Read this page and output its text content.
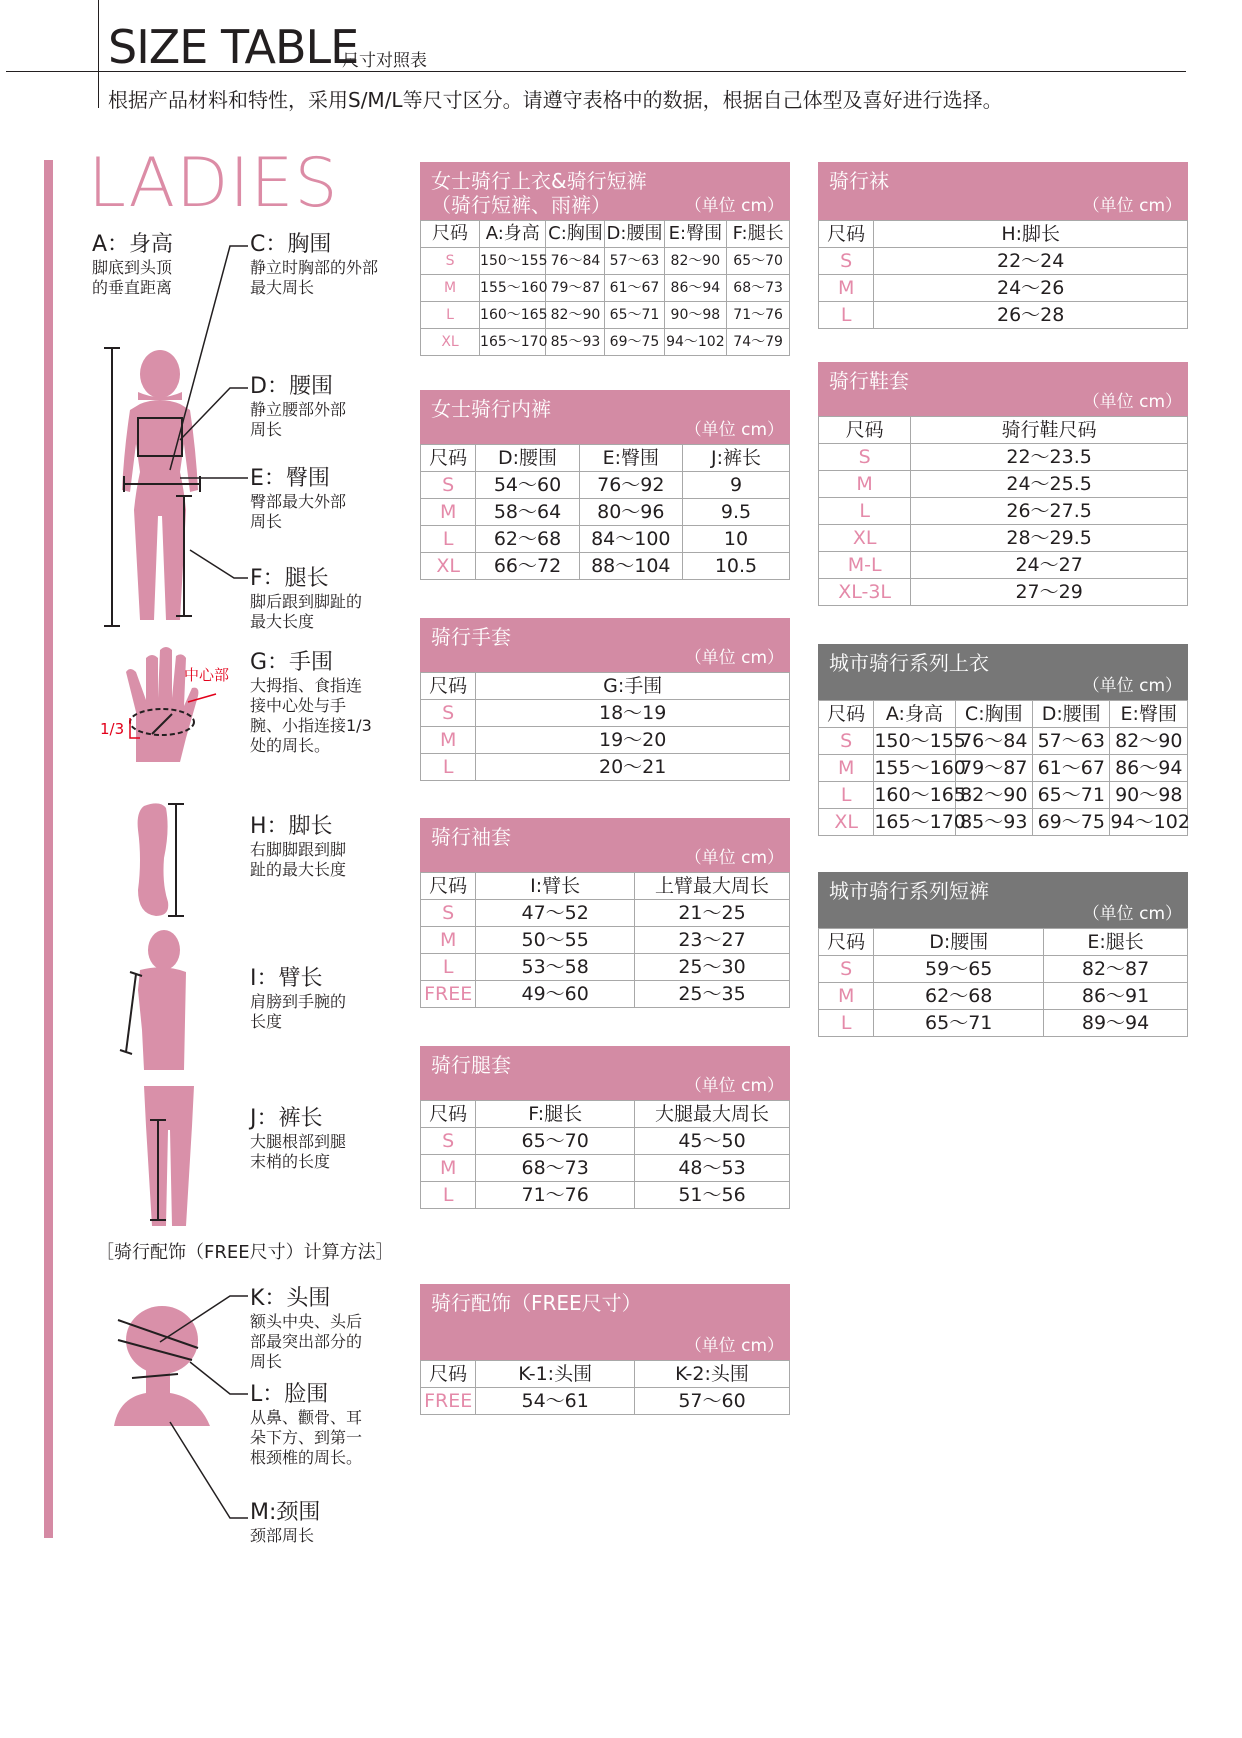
SIZE TABLE
尺寸对照表
根据产品材料和特性，采用S/M/L等尺寸区分。请遵守表格中的数据，根据自己体型及喜好进行选择。
LADIES
A：身高
脚底到头顶的垂直距离
C：胸围
静立时胸部的外部最大周长
D：腰围
静立腰部外部周长
E：臀围
臀部最大外部周长
F：腿长
脚后跟到脚趾的最大长度
G：手围
大拇指、食指连接中心处与手腕、小指连接1/3处的周长。
H：脚长
右脚脚跟到脚趾的最大长度
I：臂长
肩膀到手腕的长度
J：裤长
大腿根部到腿末梢的长度
［骑行配饰（FREE尺寸）计算方法］
K：头围
额头中央、头后部最突出部分的周长
L：脸围
从鼻、颧骨、耳朵下方、到第一根颈椎的周长。
M:颈围
颈部周长
中心部
1/3
女士骑行上衣&骑行短裤
（骑行短裤、雨裤）	（单位 cm）
尺码	A:身高	C:胸围	D:腰围	E:臀围	F:腿长
S	150～155	76～84	57～63	82～90	65～70
M	155～160	79～87	61～67	86～94	68～73
L	160～165	82～90	65～71	90～98	71～76
XL	165～170	85～93	69～75	94～102	74～79
女士骑行内裤
（单位 cm）
尺码	D:腰围	E:臀围	J:裤长
S	54～60	76～92	9
M	58～64	80～96	9.5
L	62～68	84～100	10
XL	66～72	88～104	10.5
骑行手套
（单位 cm）
尺码	G:手围
S	18～19
M	19～20
L	20～21
骑行袖套
（单位 cm）
尺码	I:臂长	上臂最大周长
S	47～52	21～25
M	50～55	23～27
L	53～58	25～30
FREE	49～60	25～35
骑行腿套
（单位 cm）
尺码	F:腿长	大腿最大周长
S	65～70	45～50
M	68～73	48～53
L	71～76	51～56
骑行配饰（FREE尺寸）
（单位 cm）
尺码	K-1:头围	K-2:头围
FREE	54～61	57～60
骑行袜
（单位 cm）
尺码	H:脚长
S	22～24
M	24～26
L	26～28
骑行鞋套
（单位 cm）
尺码	骑行鞋尺码
S	22～23.5
M	24～25.5
L	26～27.5
XL	28～29.5
M-L	24～27
XL-3L	27～29
城市骑行系列上衣
（单位 cm）
尺码	A:身高	C:胸围	D:腰围	E:臀围
S	150～155	76～84	57～63	82～90
M	155～160	79～87	61～67	86～94
L	160～165	82～90	65～71	90～98
XL	165～170	85～93	69～75	94～102
城市骑行系列短裤
（单位 cm）
尺码	D:腰围	E:腿长
S	59～65	82～87
M	62～68	86～91
L	65～71	89～94
